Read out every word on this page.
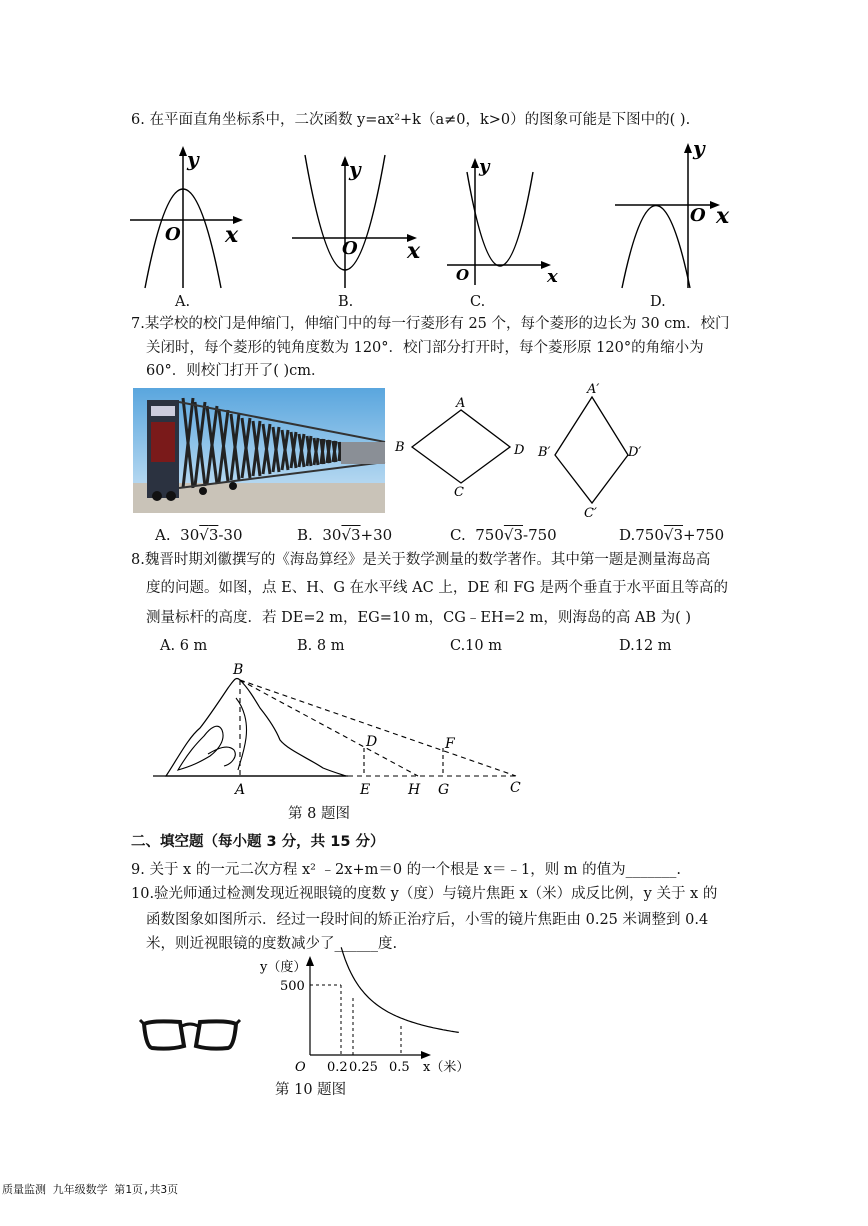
6. 在平面直角坐标系中，二次函数 y=ax²+k（a≠0，k>0）的图象可能是下图中的( ).
y
O x
A.
y
O x
B.
y
O	x
C.
y
O x
D.
7.某学校的校门是伸缩门，伸缩门中的每一行菱形有 25 个，每个菱形的边长为 30 cm．校门
关闭时，每个菱形的钝角度数为 120°．校门部分打开时，每个菱形原 120°的角缩小为
60°．则校门打开了( )cm．
A
B
C
D
A′
B′
C′
D′
A. 30√3-30	B. 30√3+30	C. 750√3-750	D.750√3+750
8.魏晋时期刘徽撰写的《海岛算经》是关于数学测量的数学著作。其中第一题是测量海岛高
度的问题。如图，点 E、H、G 在水平线 AC 上，DE 和 FG 是两个垂直于水平面且等高的
测量标杆的高度．若 DE=2 m，EG=10 m，CG﹣EH=2 m，则海岛的高 AB 为( )
A. 6 m	B. 8 m	C.10 m	D.12 m
B
D	F
A	E	H G	C
第 8 题图
二、填空题（每小题 3 分，共 15 分）
9. 关于 x 的一元二次方程 x² ﹣2x+m＝0 的一个根是 x＝﹣1，则 m 的值为_______.
10.验光师通过检测发现近视眼镜的度数 y（度）与镜片焦距 x（米）成反比例，y 关于 x 的
函数图象如图所示．经过一段时间的矫正治疗后，小雪的镜片焦距由 0.25 米调整到 0.4
米，则近视眼镜的度数减少了______度.
y（度）
500
O 0.2 0.25 0.5 x（米）
第 10 题图
质量监测 九年级数学 第1页,共3页
